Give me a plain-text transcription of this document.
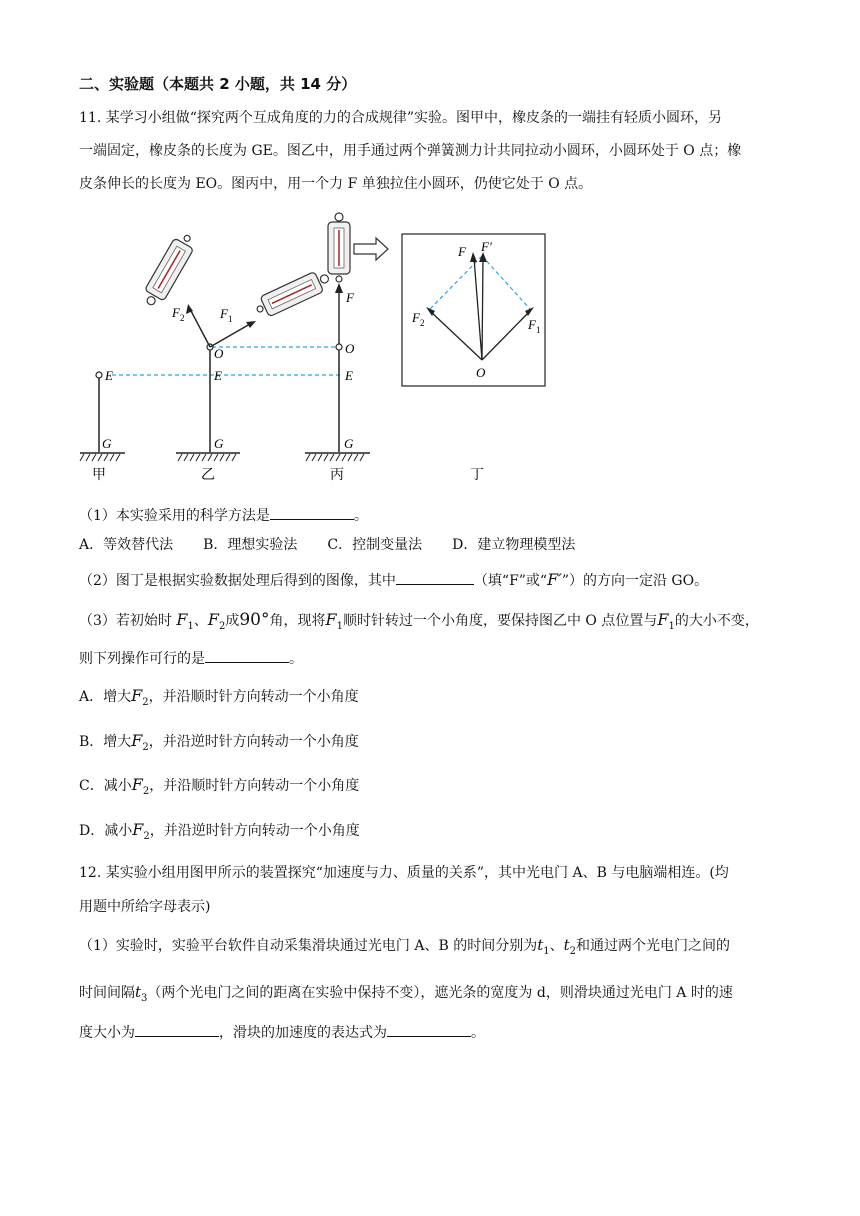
二、实验题（本题共 2 小题，共 14 分）
11. 某学习小组做“探究两个互成角度的力的合成规律”实验。图甲中，橡皮条的一端挂有轻质小圆环，另
一端固定，橡皮条的长度为 GE。图乙中，用手通过两个弹簧测力计共同拉动小圆环，小圆环处于 O 点；橡
皮条伸长的长度为 EO。图丙中，用一个力 F 单独拉住小圆环，仍使它处于 O 点。
E
G
甲
F 2	F 1
O
E
G
乙
F
O
E
G
丙
F F′
F 2	F 1
O
丁
（1）本实验采用的科学方法是	。
A．等效替代法 B．理想实验法 C．控制变量法 D．建立物理模型法
（2）图丁是根据实验数据处理后得到的图像，其中	（填“F”或“F′”）的方向一定沿 GO。
（3）若初始时 $F_1$、$F_2$成90°角，现将$F_1$顺时针转过一个小角度，要保持图乙中 O 点位置与$F_1$的大小不变，
则下列操作可行的是	。
A．增大$F_2$，并沿顺时针方向转动一个小角度
B．增大$F_2$，并沿逆时针方向转动一个小角度
C．减小$F_2$，并沿顺时针方向转动一个小角度
D．减小$F_2$，并沿逆时针方向转动一个小角度
12. 某实验小组用图甲所示的装置探究“加速度与力、质量的关系”，其中光电门 A、B 与电脑端相连。(均
用题中所给字母表示)
（1）实验时，实验平台软件自动采集滑块通过光电门 A、B 的时间分别为$t_1$、$t_2$和通过两个光电门之间的
时间间隔$t_3$（两个光电门之间的距离在实验中保持不变），遮光条的宽度为 d，则滑块通过光电门 A 时的速
度大小为	，滑块的加速度的表达式为	。
